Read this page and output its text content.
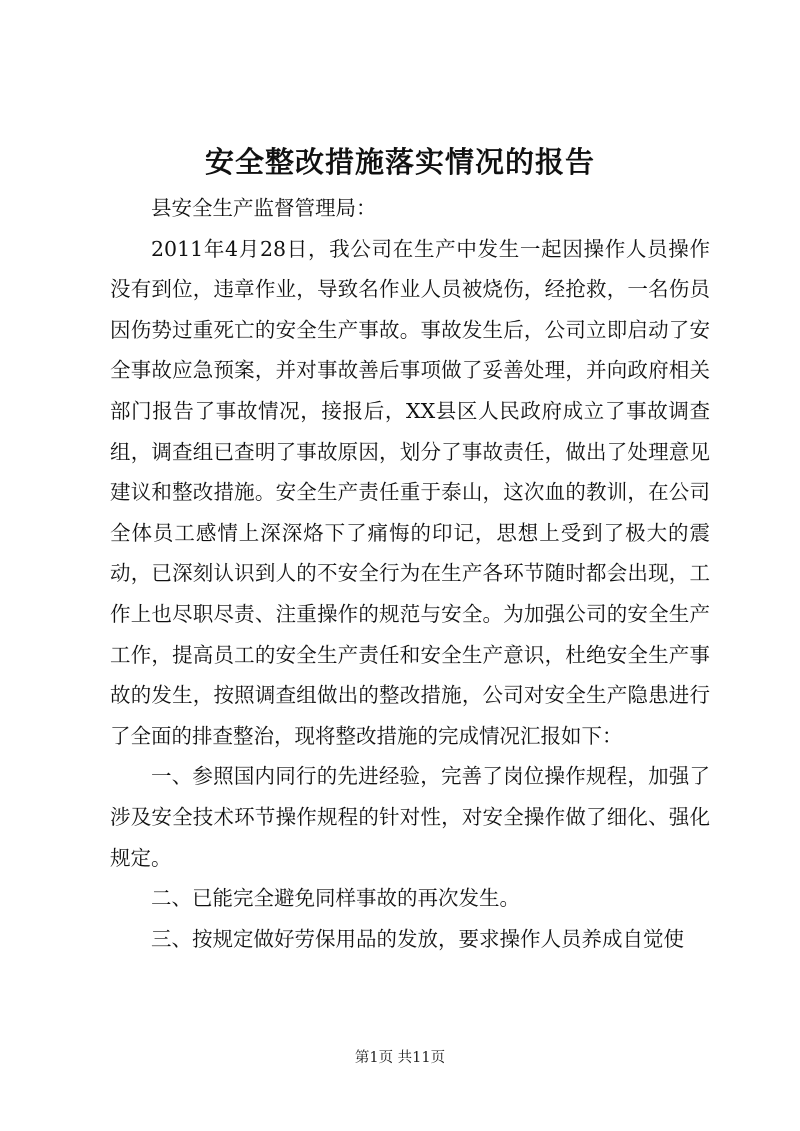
安全整改措施落实情况的报告

县安全生产监督管理局：

2011年4月28日，我公司在生产中发生一起因操作人员操作没有到位，违章作业，导致名作业人员被烧伤，经抢救，一名伤员因伤势过重死亡的安全生产事故。事故发生后，公司立即启动了安全事故应急预案，并对事故善后事项做了妥善处理，并向政府相关部门报告了事故情况，接报后，XX县区人民政府成立了事故调查组，调查组已查明了事故原因，划分了事故责任，做出了处理意见建议和整改措施。安全生产责任重于泰山，这次血的教训，在公司全体员工感情上深深烙下了痛悔的印记，思想上受到了极大的震动，已深刻认识到人的不安全行为在生产各环节随时都会出现，工作上也尽职尽责、注重操作的规范与安全。为加强公司的安全生产工作，提高员工的安全生产责任和安全生产意识，杜绝安全生产事故的发生，按照调查组做出的整改措施，公司对安全生产隐患进行了全面的排查整治，现将整改措施的完成情况汇报如下：

一、参照国内同行的先进经验，完善了岗位操作规程，加强了涉及安全技术环节操作规程的针对性，对安全操作做了细化、强化规定。

二、已能完全避免同样事故的再次发生。

三、按规定做好劳保用品的发放，要求操作人员养成自觉使

第1页 共11页
